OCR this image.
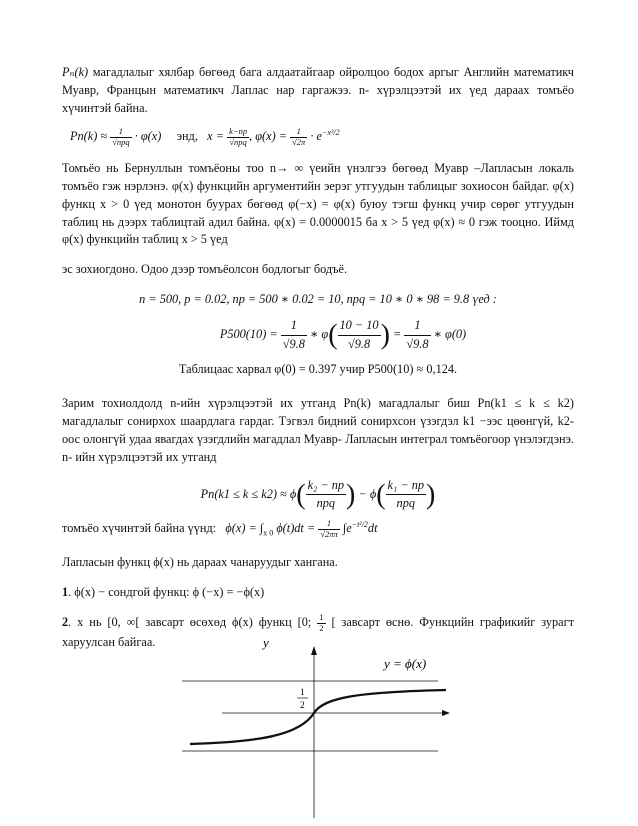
Pₙ(k) магадлалыг хялбар бөгөөд бага алдаатайгаар ойролцоо бодох аргыг Английн математикч Муавр, Францын математикч Лаплас нар гаргажээ. n- хүрэлцээтэй их үед дараах томъёо хүчинтэй байна.

$Pn(k) \approx \frac{1}{\text{√npq}} \cdot \varphi(x)$ энд, $x = \frac{k-np}{\text{√npq}}$ , $\varphi(x) = \frac{1}{√2\pi} \cdot e^{-x^2/2}$

Томъёо нь Бернуллын томъёоны тоо n→ ∞ үеийн үнэлгээ бөгөөд Муавр –Лапласын локаль томъёо гэж нэрлэнэ. φ(x) функцийн аргументийн эерэг утгуудын таблицыг зохиосон байдаг. φ(x) функц x > 0 үед монотон буурах бөгөөд φ(−x) = φ(x) буюу тэгш функц учир сөрөг утгуудын таблиц нь дээрх таблицтай адил байна. φ(x) = 0.0000015 ба x > 5 үед φ(x) ≈ 0 гэж тооцно. Иймд φ(x) функцийн таблиц x > 5 үед

эс зохиогдоно. Одоо дээр томъёолсон бодлогыг бодъё.

n = 500, p = 0.02, np = 500 ∗ 0.02 = 10, npq = 10 ∗ 0 ∗ 98 = 9.8 үед :
$P500(10) = \frac{1}{√9.8}$ ∗ $\varphi( \frac{10 - 10}{√9.8}$ ) = $\frac{1}{√9.8}$ ∗ φ(0)
Таблицаас харвал φ(0) = 0.397 учир P500(10) ≈ 0,124.

Зарим тохиолдолд n-ийн хүрэлцээтэй их утганд Pn(k) магадлалыг биш Pn(k1 ≤ k ≤ k2) магадлалыг сонирхох шаардлага гардаг. Тэгвэл бидний сонирхсон үзэгдэл k1 −ээс цөөнгүй, k2-оос олонгүй удаа явагдах үзэгдлийн магадлал Муавр- Лапласын интеграл томъёогоор үнэлэгдэнэ. n- ийн хүрэлцээтэй их утганд

$Pn(k1 \le k \le k2) \approx \phi( \frac{\text{k₂ − np}}{\text{npq}}$ ) − $\phi( \frac{\text{k₁ − np}}{\text{npq}}$ )
томъёо хүчинтэй байна үүнд: $\phi(x) = \int_{x 0}$ $\phi(t)dt = \frac{1}{√2\pi\pi} \int e^{-t^2/2}dt$

Лапласын функц ϕ(x) нь дараах чанаруудыг хангана.

1. ϕ(x) − сондгой функц: ϕ (−x) = −ϕ(x)

2. x нь [0, ∞[ завсарт өсөхөд ϕ(x) функц [0; $\frac{1}{2}$ [ завсарт өснө. Функцийн графикийг зурагт харуулсан байгаа.	y
y = ϕ(x)
1
2
